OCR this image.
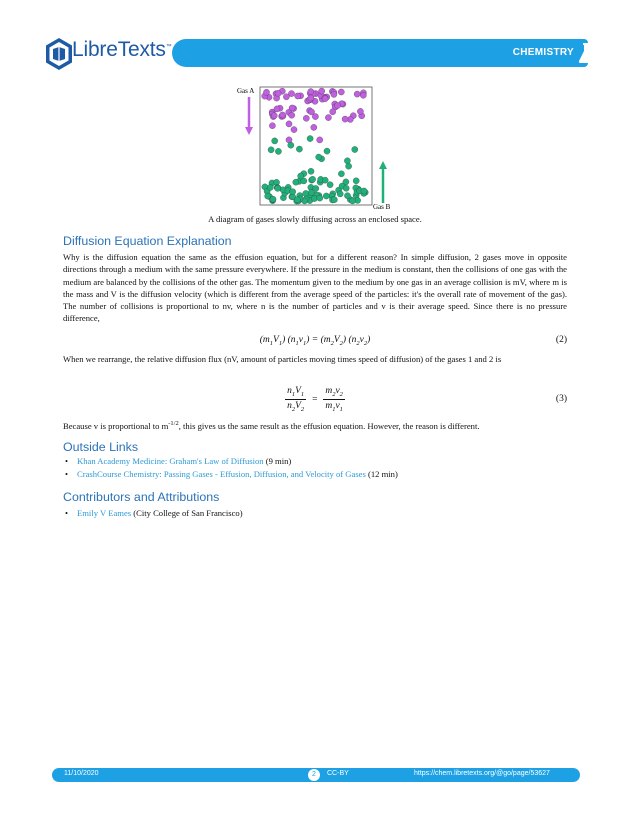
LibreTexts™	CHEMISTRY
Gas A
Gas B
A diagram of gases slowly diffusing across an enclosed space.
Diffusion Equation Explanation
Why is the diffusion equation the same as the effusion equation, but for a different reason? In simple diffusion, 2 gases move in opposite directions through a medium with the same pressure everywhere. If the pressure in the medium is constant, then the collisions of one gas with the medium are balanced by the collisions of the other gas. The momentum given to the medium by one gas in an average collision is mV, where m is the mass and V is the diffusion velocity (which is different from the average speed of the particles: it's the overall rate of movement of the gas). The number of collisions is proportional to nv, where n is the number of particles and v is their average speed. Since there is no pressure difference,
$(m_1V_1) (n_1v_1) = (m_2V_2)$ $(n_2v_2)$	(2)
When we rearrange, the relative diffusion flux (nV, amount of particles moving times speed of diffusion) of the gases 1 and 2 is
$\frac{n_1V_1}{n_2V_2} = \frac{m_2v_2}{m_1v_1}$	(3)
Because v is proportional to $m^{-1/2}$, this gives us the same result as the effusion equation. However, the reason is different.
Outside Links
• Khan Academy Medicine: Graham's Law of Diffusion (9 min)
• CrashCourse Chemistry: Passing Gases - Effusion, Diffusion, and Velocity of Gases (12 min)
Contributors and Attributions
• Emily V Eames (City College of San Francisco)
11/10/2020	2	CC-BY	https://chem.libretexts.org/@go/page/53627
